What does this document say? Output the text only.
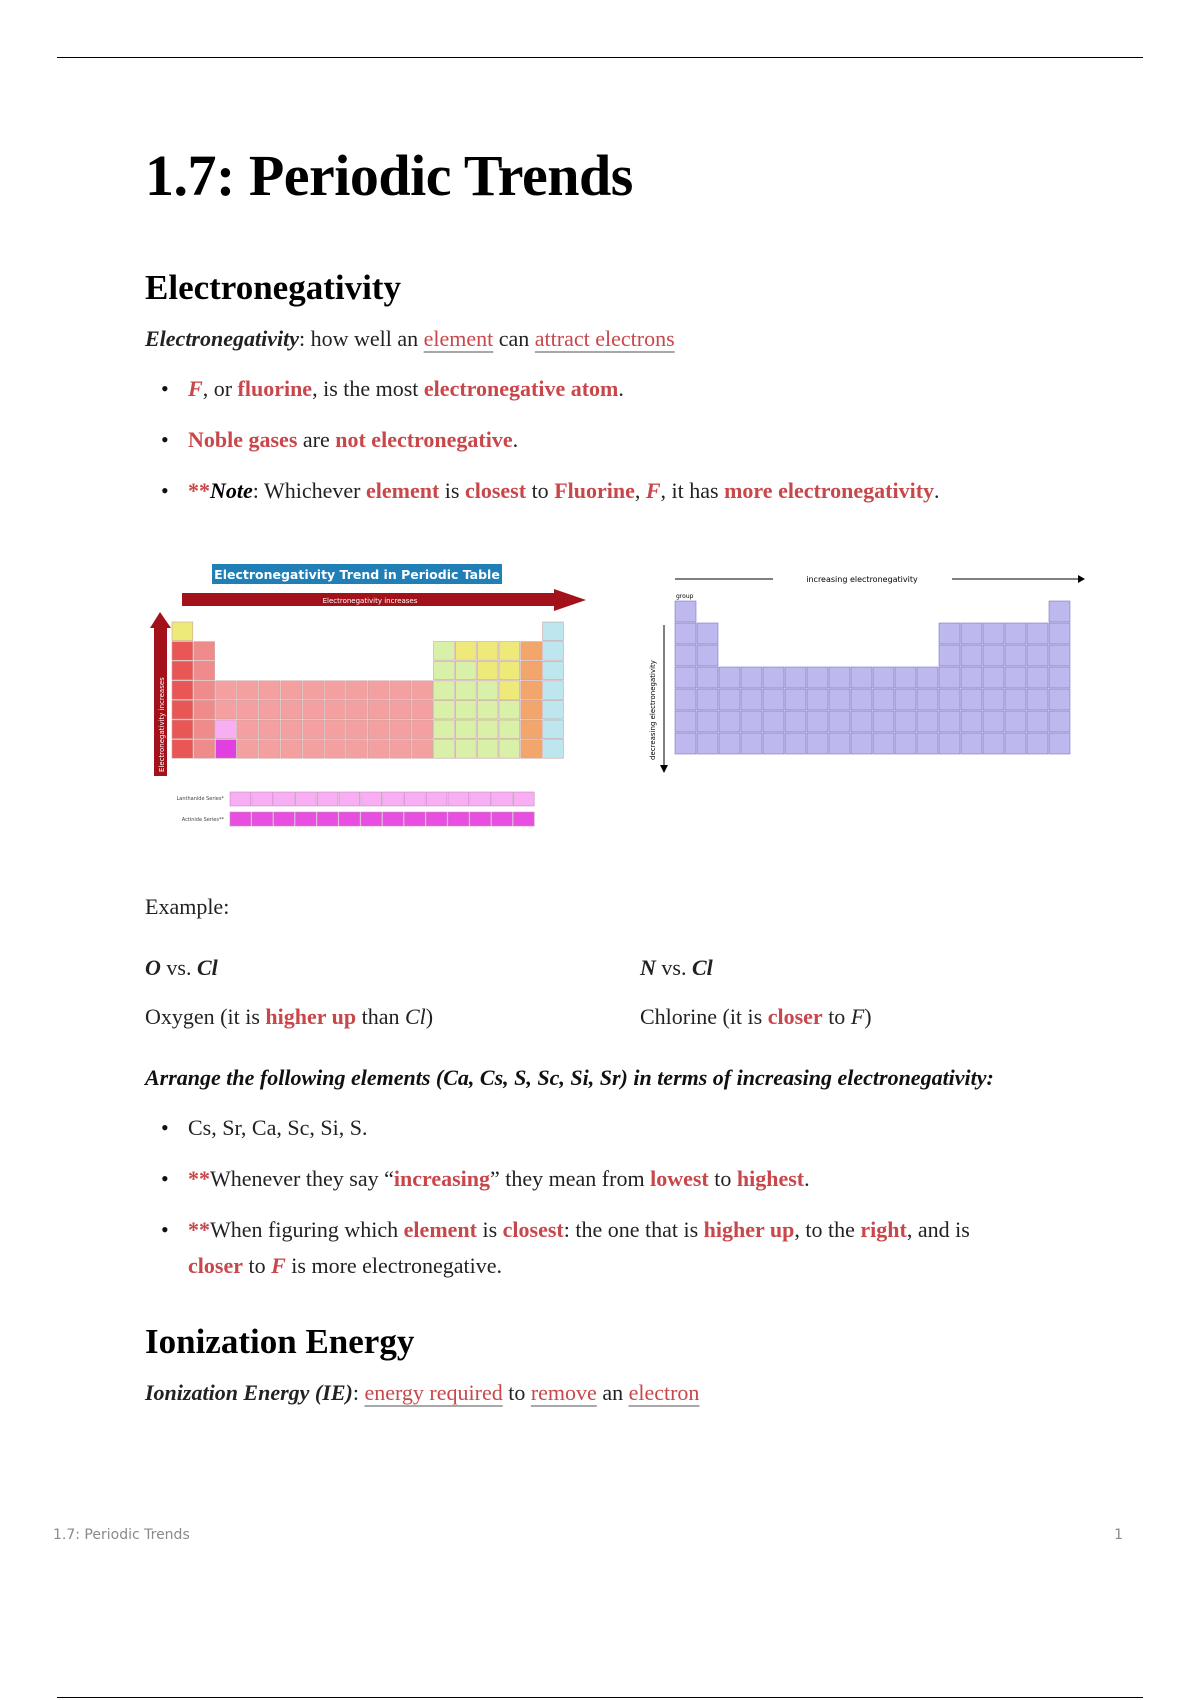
1.7: Periodic Trends
Electronegativity

Electronegativity: how well an element can attract electrons

• F, or fluorine, is the most electronegative atom.
• Noble gases are not electronegative.
• **Note: Whichever element is closest to Fluorine, F, it has more electronegativity.

Example:

O vs. Cl	N vs. Cl

Oxygen (it is higher up than Cl)	Chlorine (it is closer to F)

Arrange the following elements (Ca, Cs, S, Sc, Si, Sr) in terms of increasing electronegativity:

• Cs, Sr, Ca, Sc, Si, S.
• **Whenever they say “increasing” they mean from lowest to highest.
• **When figuring which element is closest: the one that is higher up, to the right, and is
closer to F is more electronegative.
Ionization Energy

Ionization Energy (IE): energy required to remove an electron

Electronegativity Trend in Periodic Table
Electronegativity increases
Electronegativity increases
Lanthanide Series*
Actinide Series**
increasing electronegativity
decreasing electronegativity
group
1.7: Periodic Trends	1
